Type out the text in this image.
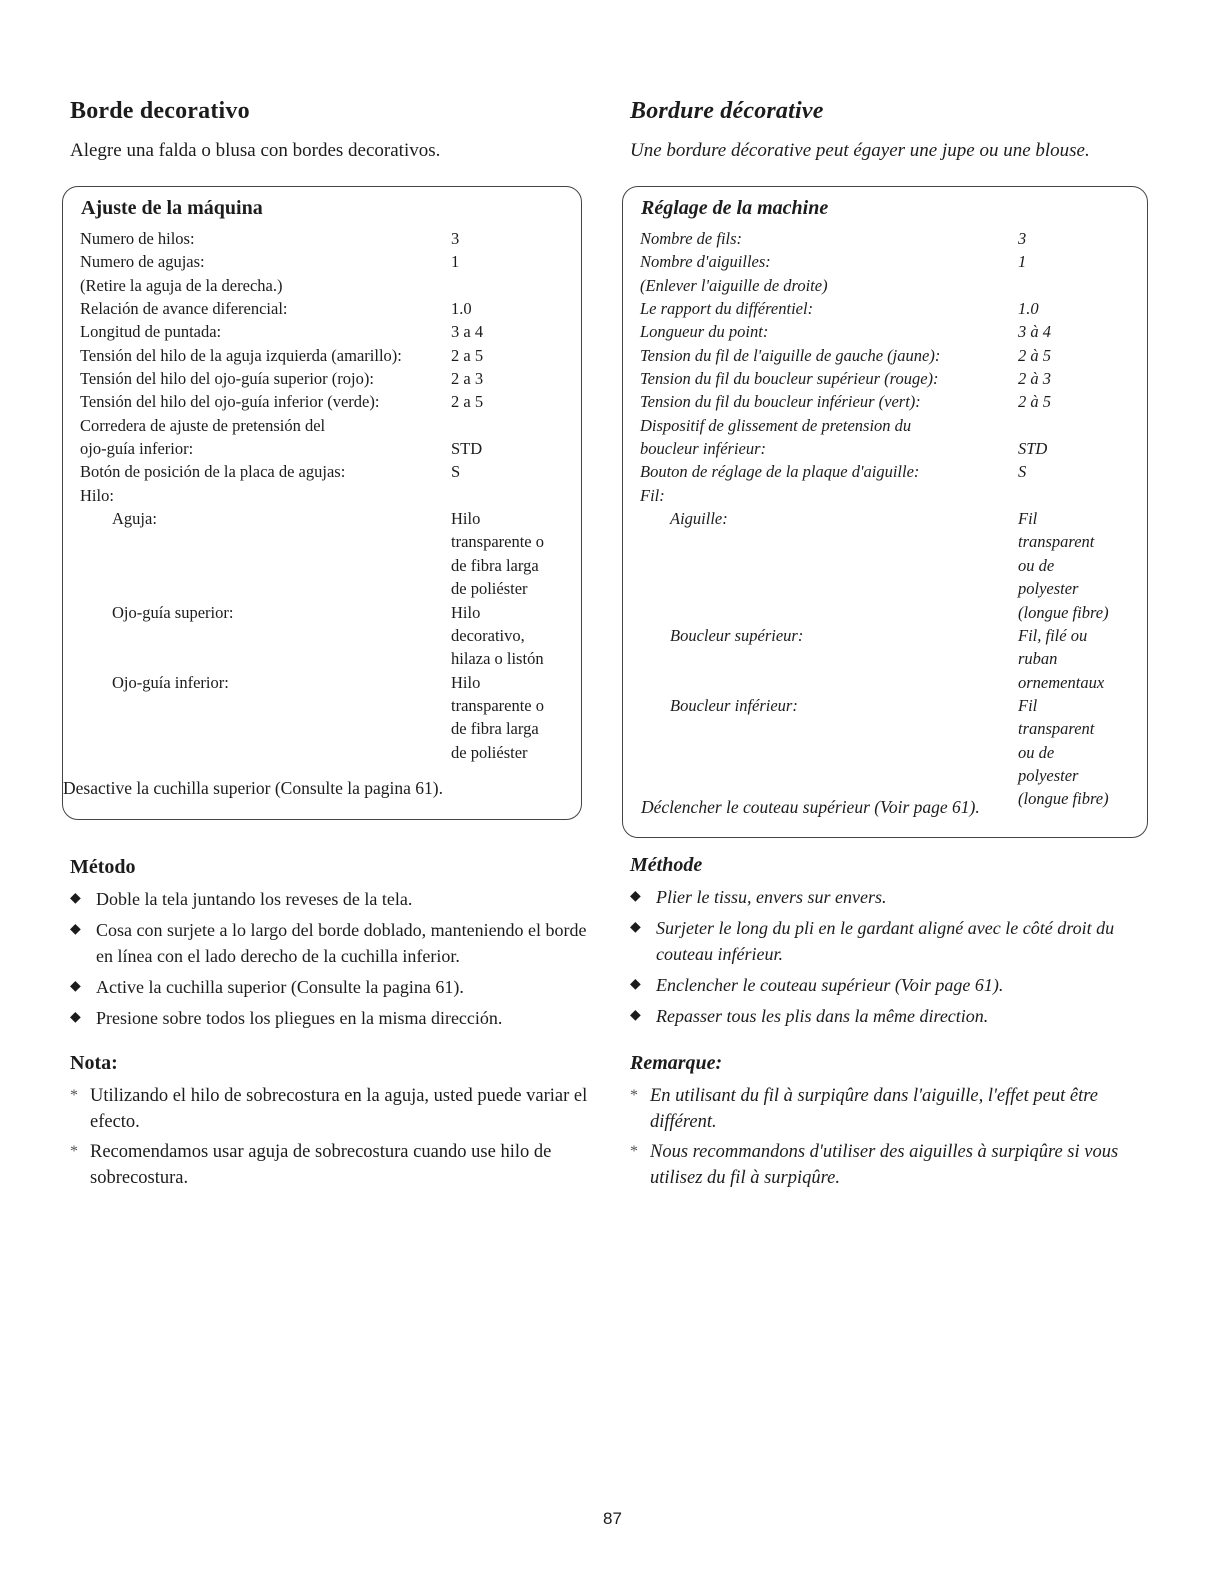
Borde decorativo

Alegre una falda o blusa con bordes decorativos.

Ajuste de la máquina
Numero de hilos:	3
Numero de agujas:	1
(Retire la aguja de la derecha.)
Relación de avance diferencial:	1.0
Longitud de puntada:	3 a 4
Tensión del hilo de la aguja izquierda (amarillo):	2 a 5
Tensión del hilo del ojo-guía superior (rojo):	2 a 3
Tensión del hilo del ojo-guía inferior (verde):	2 a 5
Corredera de ajuste de pretensión del
ojo-guía inferior:	STD
Botón de posición de la placa de agujas:	S
Hilo:
Aguja:	Hilo
transparente o
de fibra larga
de poliéster
Ojo-guía superior:	Hilo
decorativo,
hilaza o listón
Ojo-guía inferior:	Hilo
transparente o
de fibra larga
de poliéster
Desactive la cuchilla superior (Consulte la pagina 61).
Método
◆ Doble la tela juntando los reveses de la tela.
◆ Cosa con surjete a lo largo del borde doblado, manteniendo el borde en línea con el lado derecho de la cuchilla inferior.
◆ Active la cuchilla superior (Consulte la pagina 61).
◆ Presione sobre todos los pliegues en la misma dirección.
Nota:
* Utilizando el hilo de sobrecostura en la aguja, usted puede variar el efecto.
* Recomendamos usar aguja de sobrecostura cuando use hilo de sobrecostura.
Bordure décorative

Une bordure décorative peut égayer une jupe ou une blouse.

Réglage de la machine
Nombre de fils:	3
Nombre d'aiguilles:	1
(Enlever l'aiguille de droite)
Le rapport du différentiel:	1.0
Longueur du point:	3 à 4
Tension du fil de l'aiguille de gauche (jaune):	2 à 5
Tension du fil du boucleur supérieur (rouge):	2 à 3
Tension du fil du boucleur inférieur (vert):	2 à 5
Dispositif de glissement de pretension du
boucleur inférieur:	STD
Bouton de réglage de la plaque d'aiguille:	S
Fil:
Aiguille:	Fil
transparent
ou de
polyester
(longue fibre)
Boucleur supérieur:	Fil, filé ou
ruban
ornementaux
Boucleur inférieur:	Fil
transparent
ou de
polyester
(longue fibre)
Déclencher le couteau supérieur (Voir page 61).
Méthode
◆ Plier le tissu, envers sur envers.
◆ Surjeter le long du pli en le gardant aligné avec le côté droit du couteau inférieur.
◆ Enclencher le couteau supérieur (Voir page 61).
◆ Repasser tous les plis dans la même direction.
Remarque:
* En utilisant du fil à surpiqûre dans l'aiguille, l'effet peut être différent.
* Nous recommandons d'utiliser des aiguilles à surpiqûre si vous utilisez du fil à surpiqûre.
87
